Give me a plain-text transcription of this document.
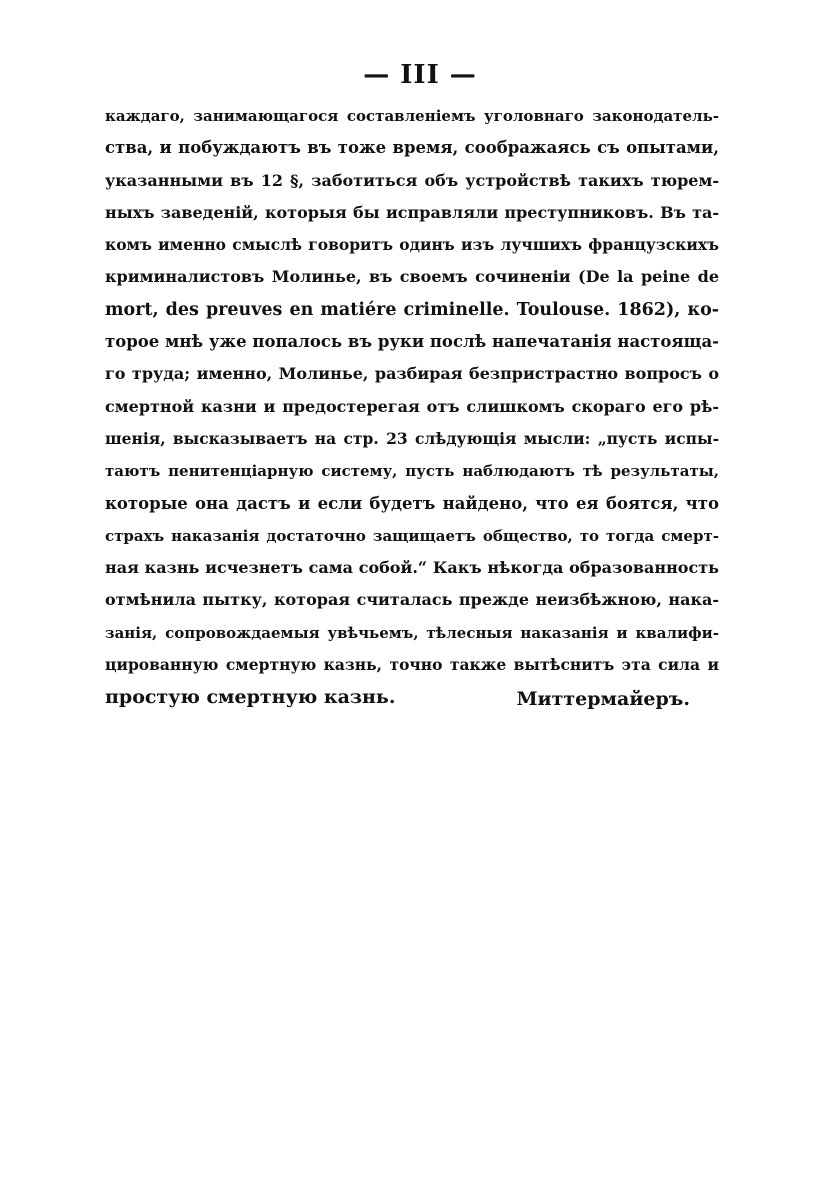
— III —
каждаго, занимающагося составленіемъ уголовнаго законодатель-
ства, и побуждаютъ въ тоже время, соображаясь съ опытами,
указанными въ 12 §, заботиться объ устройствѣ такихъ тюрем-
ныхъ заведеній, которыя бы исправляли преступниковъ. Въ та-
комъ именно смыслѣ говоритъ одинъ изъ лучшихъ французскихъ
криминалистовъ Молинье, въ своемъ сочиненіи (De la peine de
mort, des preuves en matiére criminelle. Toulouse. 1862), ко-
торое мнѣ уже попалось въ руки послѣ напечатанія настояща-
го труда; именно, Молинье, разбирая безпристрастно вопросъ о
смертной казни и предостерегая отъ слишкомъ скораго его рѣ-
шенія, высказываетъ на стр. 23 слѣдующія мысли: „пусть испы-
таютъ пенитенціарную систему, пусть наблюдаютъ тѣ результаты,
которые она дастъ и если будетъ найдено, что ея боятся, что
страхъ наказанія достаточно защищаетъ общество, то тогда смерт-
ная казнь исчезнетъ сама собой.“ Какъ нѣкогда образованность
отмѣнила пытку, которая считалась прежде неизбѣжною, нака-
занія, сопровождаемыя увѣчьемъ, тѣлесныя наказанія и квалифи-
цированную смертную казнь, точно также вытѣснитъ эта сила и
простую смертную казнь.	Миттермайеръ.
